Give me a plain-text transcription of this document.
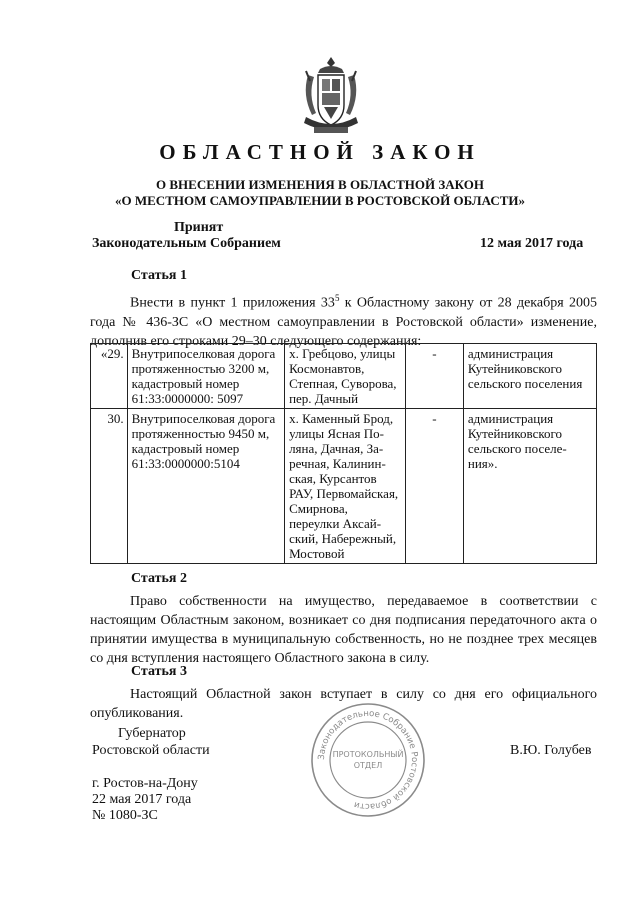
ОБЛАСТНОЙ ЗАКОН
О ВНЕСЕНИИ ИЗМЕНЕНИЯ В ОБЛАСТНОЙ ЗАКОН
«О МЕСТНОМ САМОУПРАВЛЕНИИ В РОСТОВСКОЙ ОБЛАСТИ»
Принят
Законодательным Собранием	12 мая 2017 года
Статья 1

Внести в пункт 1 приложения $33^5$ к Областному закону от 28 декабря 2005 года № 436-ЗС «О местном самоуправлении в Ростовской области» изменение, дополнив его строками 29–30 следующего содержания:

«29.	Внутрипоселковая дорога протяженностью 3200 м, кадастровый номер 61:33:0000000: 5097	х. Гребцово, улицы Космонавтов, Степная, Суворова, пер. Дачный	-	администрация Кутейниковского сельского поселения
30.	Внутрипоселковая дорога протяженностью 9450 м, кадастровый номер 61:33:0000000:5104	х. Каменный Брод, улицы Ясная Поляна, Дачная, Заречная, Калининская, Курсантов РАУ, Первомайская, Смирнова, переулки Аксайский, Набережный, Мостовой	-	администрация Кутейниковского сельского поселения».
Статья 2

Право собственности на имущество, передаваемое в соответствии с настоящим Областным законом, возникает со дня подписания передаточного акта о принятии имущества в муниципальную собственность, но не позднее трех месяцев со дня вступления настоящего Областного закона в силу.

Статья 3

Настоящий Областной закон вступает в силу со дня его официального опубликования.

Губернатор
Ростовской области	В.Ю. Голубев
г. Ростов-на-Дону
22 мая 2017 года
№ 1080-ЗС
Законодательное Собрание Ростовской области
ПРОТОКОЛЬНЫЙ
ОТДЕЛ
